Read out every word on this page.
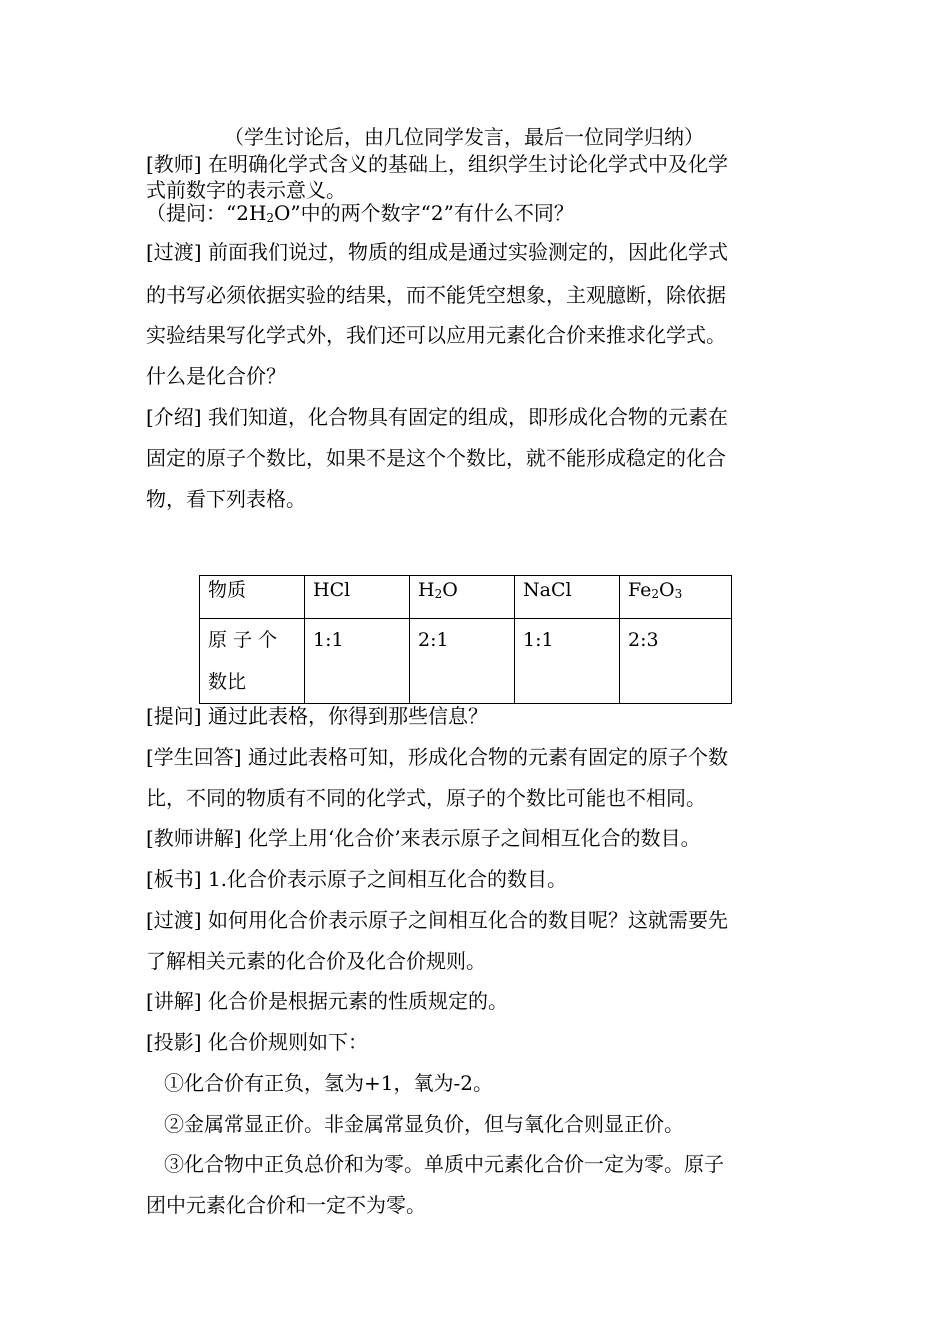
（学生讨论后，由几位同学发言，最后一位同学归纳）
[教师] 在明确化学式含义的基础上，组织学生讨论化学式中及化学
式前数字的表示意义。
（提问：“$2H_2O$”中的两个数字“2”有什么不同？
[过渡] 前面我们说过，物质的组成是通过实验测定的，因此化学式
的书写必须依据实验的结果，而不能凭空想象，主观臆断，除依据
实验结果写化学式外，我们还可以应用元素化合价来推求化学式。
什么是化合价？
[介绍] 我们知道，化合物具有固定的组成，即形成化合物的元素在
固定的原子个数比，如果不是这个个数比，就不能形成稳定的化合
物，看下列表格。
物质	HCl	$H_2O$	NaCl	$Fe_2O_3$

原 子 个
数比	1:1	2:1	1:1	2:3
[提问] 通过此表格，你得到那些信息？
[学生回答] 通过此表格可知，形成化合物的元素有固定的原子个数
比，不同的物质有不同的化学式，原子的个数比可能也不相同。
[教师讲解] 化学上用‘化合价’来表示原子之间相互化合的数目。
[板书] 1.化合价表示原子之间相互化合的数目。
[过渡] 如何用化合价表示原子之间相互化合的数目呢？这就需要先
了解相关元素的化合价及化合价规则。
[讲解] 化合价是根据元素的性质规定的。
[投影] 化合价规则如下：
①化合价有正负，氢为+1，氧为-2。
②金属常显正价。非金属常显负价，但与氧化合则显正价。
③化合物中正负总价和为零。单质中元素化合价一定为零。原子
团中元素化合价和一定不为零。
